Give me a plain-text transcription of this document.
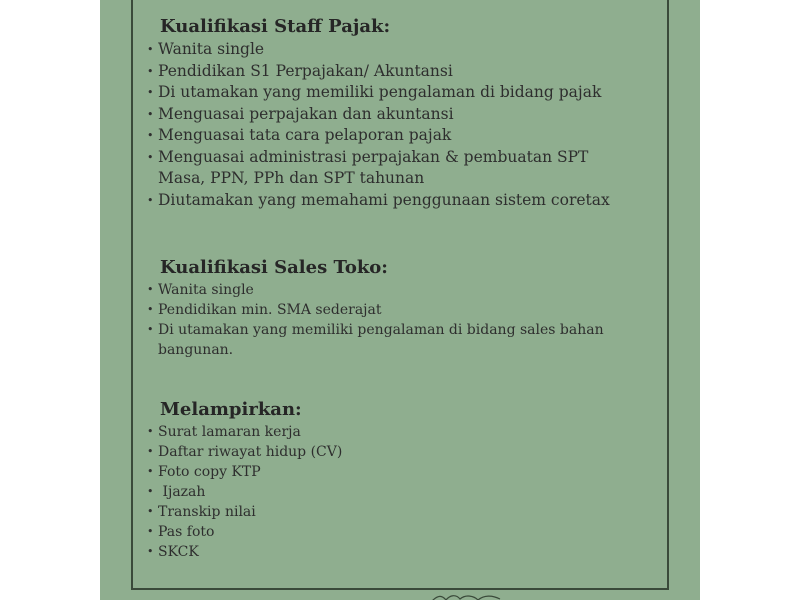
Kualifikasi Staff Pajak:
• Wanita single
• Pendidikan S1 Perpajakan/ Akuntansi
• Di utamakan yang memiliki pengalaman di bidang pajak
• Menguasai perpajakan dan akuntansi
• Menguasai tata cara pelaporan pajak
• Menguasai administrasi perpajakan & pembuatan SPT Masa, PPN, PPh dan SPT tahunan
• Diutamakan yang memahami penggunaan sistem coretax
Kualifikasi Sales Toko:
• Wanita single
• Pendidikan min. SMA sederajat
• Di utamakan yang memiliki pengalaman di bidang sales bahan bangunan.
Melampirkan:
• Surat lamaran kerja
• Daftar riwayat hidup (CV)
• Foto copy KTP
• Ijazah
• Transkip nilai
• Pas foto
• SKCK
